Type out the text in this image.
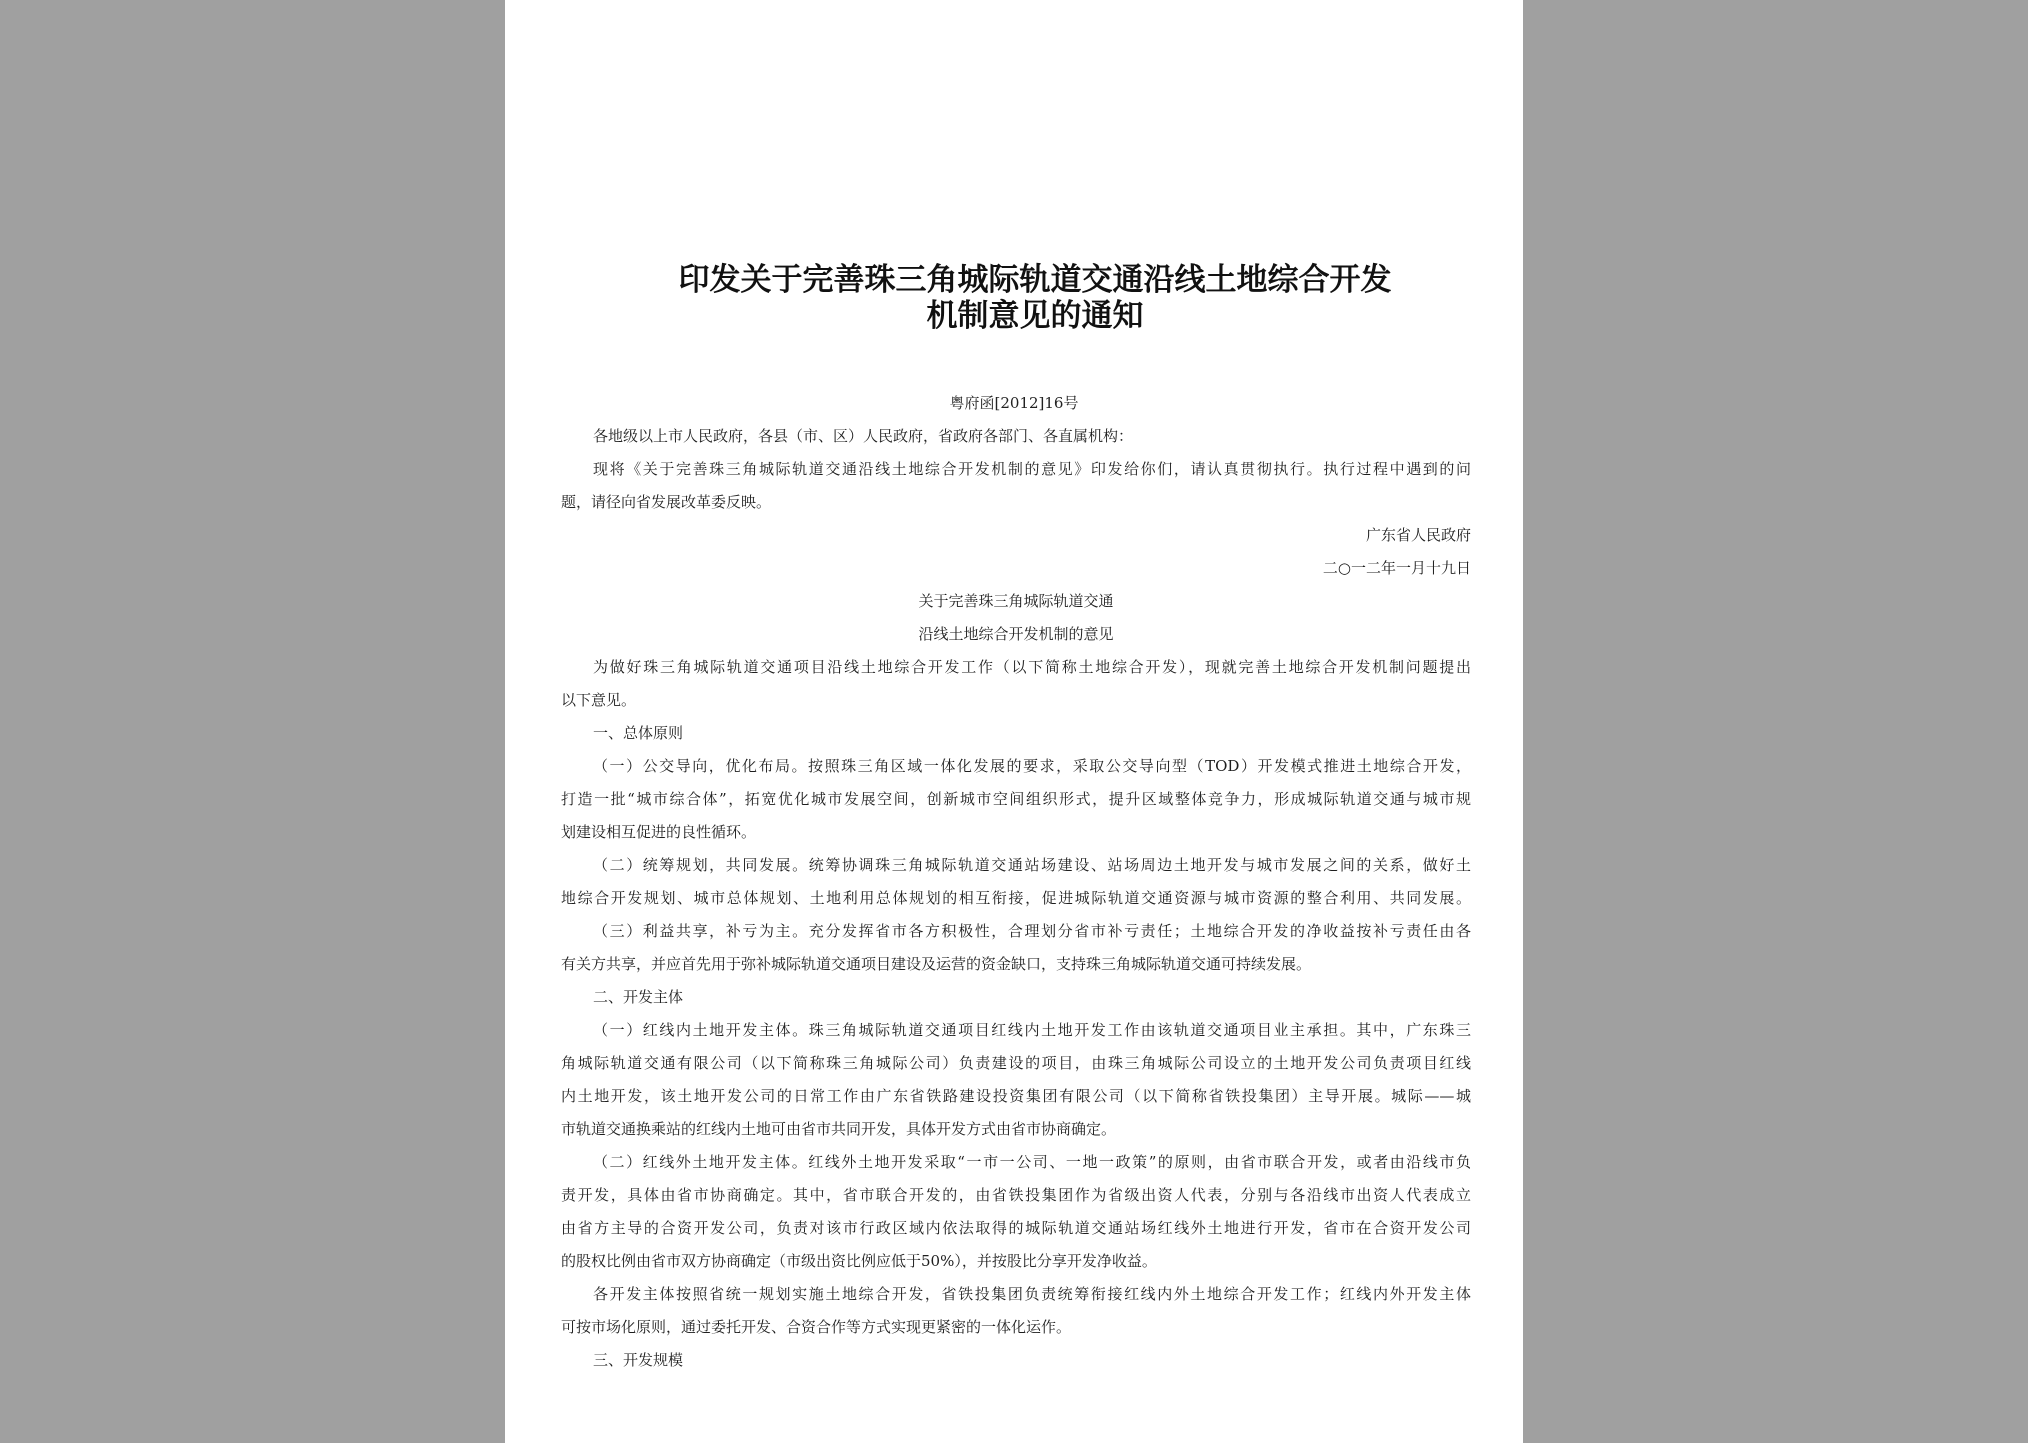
印发关于完善珠三角城际轨道交通沿线土地综合开发
机制意见的通知
粤府函[2012]16号

各地级以上市人民政府，各县（市、区）人民政府，省政府各部门、各直属机构：

现将《关于完善珠三角城际轨道交通沿线土地综合开发机制的意见》印发给你们，请认真贯彻执行。执行过程中遇到的问

题，请径向省发展改革委反映。

广东省人民政府

二○一二年一月十九日

关于完善珠三角城际轨道交通

沿线土地综合开发机制的意见

为做好珠三角城际轨道交通项目沿线土地综合开发工作（以下简称土地综合开发），现就完善土地综合开发机制问题提出

以下意见。

一、总体原则

（一）公交导向，优化布局。按照珠三角区域一体化发展的要求，采取公交导向型（TOD）开发模式推进土地综合开发，

打造一批“城市综合体”，拓宽优化城市发展空间，创新城市空间组织形式，提升区域整体竞争力，形成城际轨道交通与城市规

划建设相互促进的良性循环。

（二）统筹规划，共同发展。统筹协调珠三角城际轨道交通站场建设、站场周边土地开发与城市发展之间的关系，做好土

地综合开发规划、城市总体规划、土地利用总体规划的相互衔接，促进城际轨道交通资源与城市资源的整合利用、共同发展。

（三）利益共享，补亏为主。充分发挥省市各方积极性，合理划分省市补亏责任；土地综合开发的净收益按补亏责任由各

有关方共享，并应首先用于弥补城际轨道交通项目建设及运营的资金缺口，支持珠三角城际轨道交通可持续发展。

二、开发主体

（一）红线内土地开发主体。珠三角城际轨道交通项目红线内土地开发工作由该轨道交通项目业主承担。其中，广东珠三

角城际轨道交通有限公司（以下简称珠三角城际公司）负责建设的项目，由珠三角城际公司设立的土地开发公司负责项目红线

内土地开发，该土地开发公司的日常工作由广东省铁路建设投资集团有限公司（以下简称省铁投集团）主导开展。城际——城

市轨道交通换乘站的红线内土地可由省市共同开发，具体开发方式由省市协商确定。

（二）红线外土地开发主体。红线外土地开发采取“一市一公司、一地一政策”的原则，由省市联合开发，或者由沿线市负

责开发，具体由省市协商确定。其中，省市联合开发的，由省铁投集团作为省级出资人代表，分别与各沿线市出资人代表成立

由省方主导的合资开发公司，负责对该市行政区域内依法取得的城际轨道交通站场红线外土地进行开发，省市在合资开发公司

的股权比例由省市双方协商确定（市级出资比例应低于50%），并按股比分享开发净收益。

各开发主体按照省统一规划实施土地综合开发，省铁投集团负责统筹衔接红线内外土地综合开发工作；红线内外开发主体

可按市场化原则，通过委托开发、合资合作等方式实现更紧密的一体化运作。

三、开发规模
